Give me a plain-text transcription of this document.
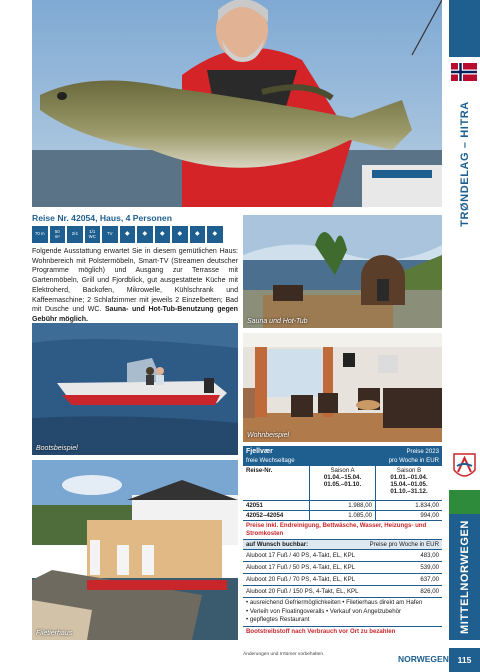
Sauna und Hot-Tub
Bootsbeispiel
Wohnbeispiel
Filetierhaus
Reise Nr. 42054, Haus, 4 Personen
70 m 50
m²	2/4	1/1
WC	TV ◆ ◆ ◆ ◆ ◆ ◆
Folgende Ausstattung erwartet Sie in diesem gemütlichen Haus: Wohnbereich mit Polstermöbeln, Smart-TV (Streamen deutscher Programme möglich) und Ausgang zur Terrasse mit Gartenmöbeln, Grill und Fjordblick, gut ausgestattete Küche mit Elektroherd, Backofen, Mikrowelle, Kühlschrank und Kaffeemaschine; 2 Schlafzimmer mit jeweils 2 Einzelbetten; Bad mit Dusche und WC. Sauna- und Hot-Tub-Benutzung gegen Gebühr möglich.
Fjellvær
freie Wechseltage
Preise 2023
pro Woche in EUR
Reise-Nr.	Saison A
01.04.–15.04.
01.05.–01.10.
Saison B
01.01.–01.04.
15.04.–01.05.
01.10.–31.12.
42051	1.988,00	1.834,00
42052–42054	1.085,00	994,00
Preise inkl. Endreinigung, Bettwäsche, Wasser, Heizungs- und Stromkosten
auf Wunsch buchbar:	Preise pro Woche in EUR
Aluboot 17 Fuß / 40 PS, 4-Takt, EL, KPL	483,00
Aluboot 17 Fuß / 50 PS, 4-Takt, EL, KPL	539,00
Aluboot 20 Fuß / 70 PS, 4-Takt, EL, KPL	637,00
Aluboot 20 Fuß / 150 PS, 4-Takt, EL, KPL	826,00
• ausreichend Gefriermöglichkeiten • Filetierhaus direkt am Hafen
• Verleih von Floatingoveralls • Verkauf von Angelzubehör
• gepflegtes Restaurant
Bootstreibstoff nach Verbrauch vor Ort zu bezahlen
Änderungen und Irrtümer vorbehalten.	NORWEGEN
TRØNDELAG – HITRA
MITTELNORWEGEN
115
